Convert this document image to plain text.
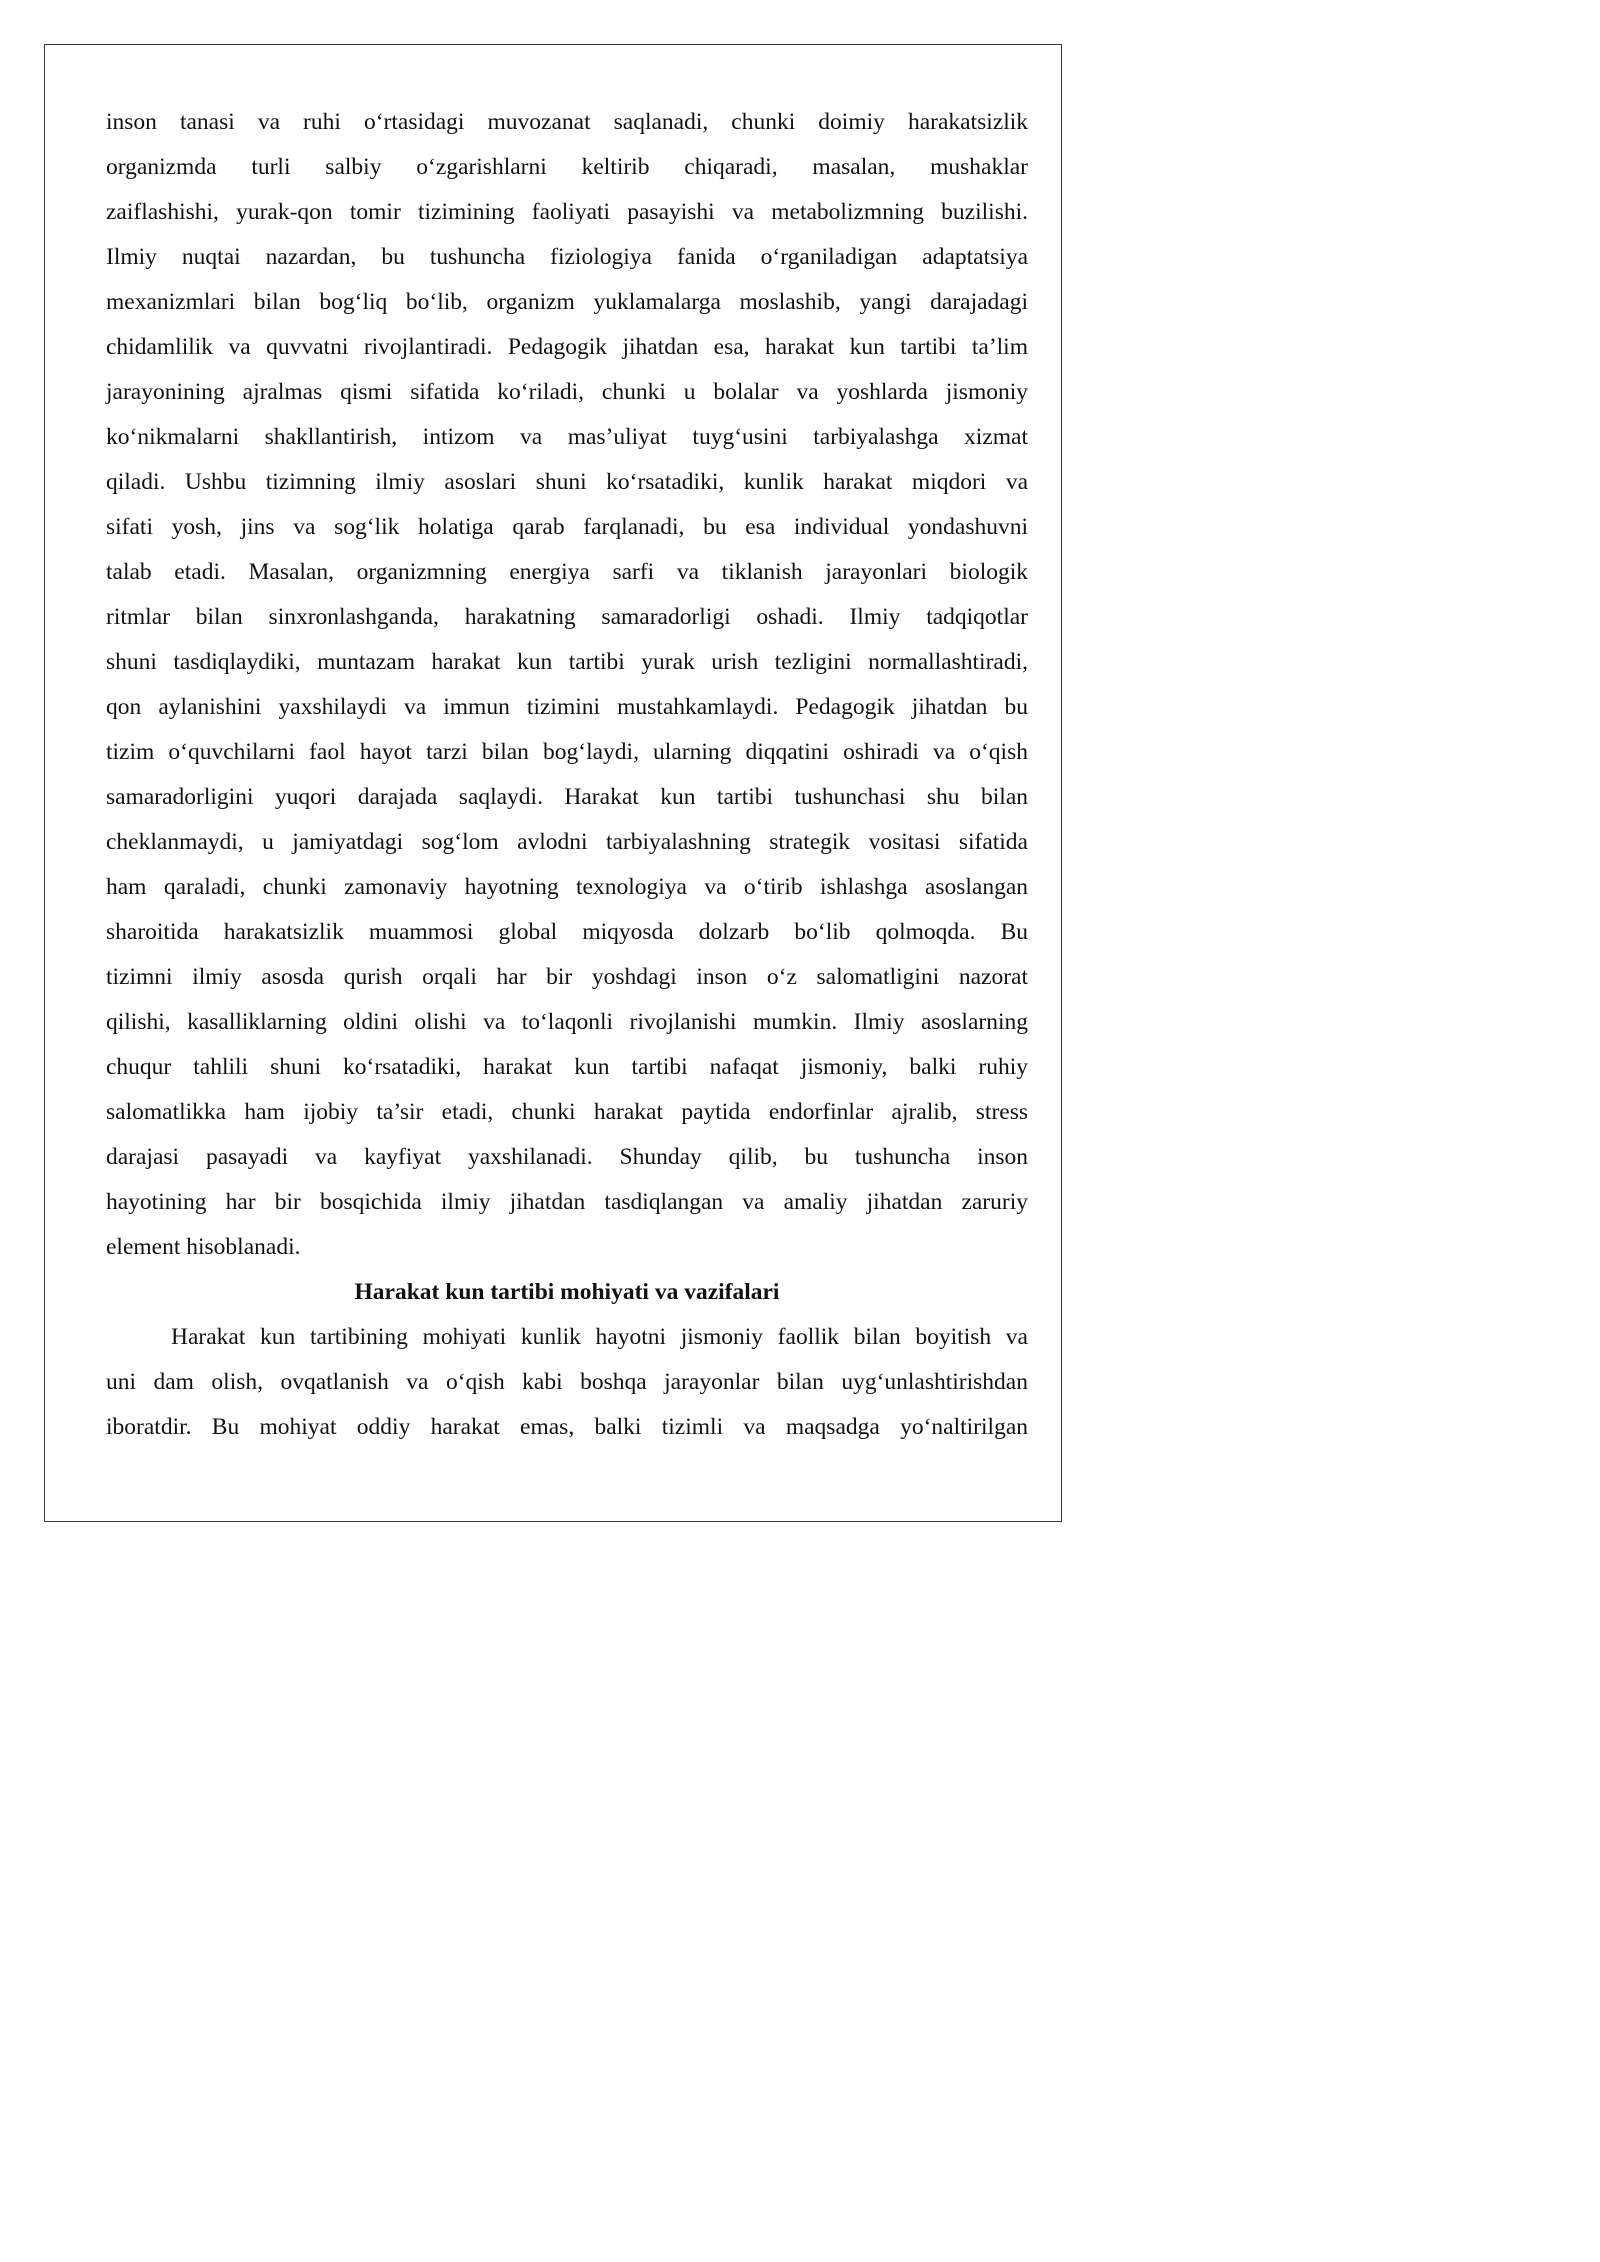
inson tanasi va ruhi o‘rtasidagi muvozanat saqlanadi, chunki doimiy harakatsizlik
organizmda turli salbiy o‘zgarishlarni keltirib chiqaradi, masalan, mushaklar
zaiflashishi, yurak-qon tomir tizimining faoliyati pasayishi va metabolizmning buzilishi.
Ilmiy nuqtai nazardan, bu tushuncha fiziologiya fanida o‘rganiladigan adaptatsiya
mexanizmlari bilan bog‘liq bo‘lib, organizm yuklamalarga moslashib, yangi darajadagi
chidamlilik va quvvatni rivojlantiradi. Pedagogik jihatdan esa, harakat kun tartibi ta’lim
jarayonining ajralmas qismi sifatida ko‘riladi, chunki u bolalar va yoshlarda jismoniy
ko‘nikmalarni shakllantirish, intizom va mas’uliyat tuyg‘usini tarbiyalashga xizmat
qiladi. Ushbu tizimning ilmiy asoslari shuni ko‘rsatadiki, kunlik harakat miqdori va
sifati yosh, jins va sog‘lik holatiga qarab farqlanadi, bu esa individual yondashuvni
talab etadi. Masalan, organizmning energiya sarfi va tiklanish jarayonlari biologik
ritmlar bilan sinxronlashganda, harakatning samaradorligi oshadi. Ilmiy tadqiqotlar
shuni tasdiqlaydiki, muntazam harakat kun tartibi yurak urish tezligini normallashtiradi,
qon aylanishini yaxshilaydi va immun tizimini mustahkamlaydi. Pedagogik jihatdan bu
tizim o‘quvchilarni faol hayot tarzi bilan bog‘laydi, ularning diqqatini oshiradi va o‘qish
samaradorligini yuqori darajada saqlaydi. Harakat kun tartibi tushunchasi shu bilan
cheklanmaydi, u jamiyatdagi sog‘lom avlodni tarbiyalashning strategik vositasi sifatida
ham qaraladi, chunki zamonaviy hayotning texnologiya va o‘tirib ishlashga asoslangan
sharoitida harakatsizlik muammosi global miqyosda dolzarb bo‘lib qolmoqda. Bu
tizimni ilmiy asosda qurish orqali har bir yoshdagi inson o‘z salomatligini nazorat
qilishi, kasalliklarning oldini olishi va to‘laqonli rivojlanishi mumkin. Ilmiy asoslarning
chuqur tahlili shuni ko‘rsatadiki, harakat kun tartibi nafaqat jismoniy, balki ruhiy
salomatlikka ham ijobiy ta’sir etadi, chunki harakat paytida endorfinlar ajralib, stress
darajasi pasayadi va kayfiyat yaxshilanadi. Shunday qilib, bu tushuncha inson
hayotining har bir bosqichida ilmiy jihatdan tasdiqlangan va amaliy jihatdan zaruriy
element hisoblanadi.
Harakat kun tartibi mohiyati va vazifalari
Harakat kun tartibining mohiyati kunlik hayotni jismoniy faollik bilan boyitish va
uni dam olish, ovqatlanish va o‘qish kabi boshqa jarayonlar bilan uyg‘unlashtirishdan
iboratdir. Bu mohiyat oddiy harakat emas, balki tizimli va maqsadga yo‘naltirilgan
